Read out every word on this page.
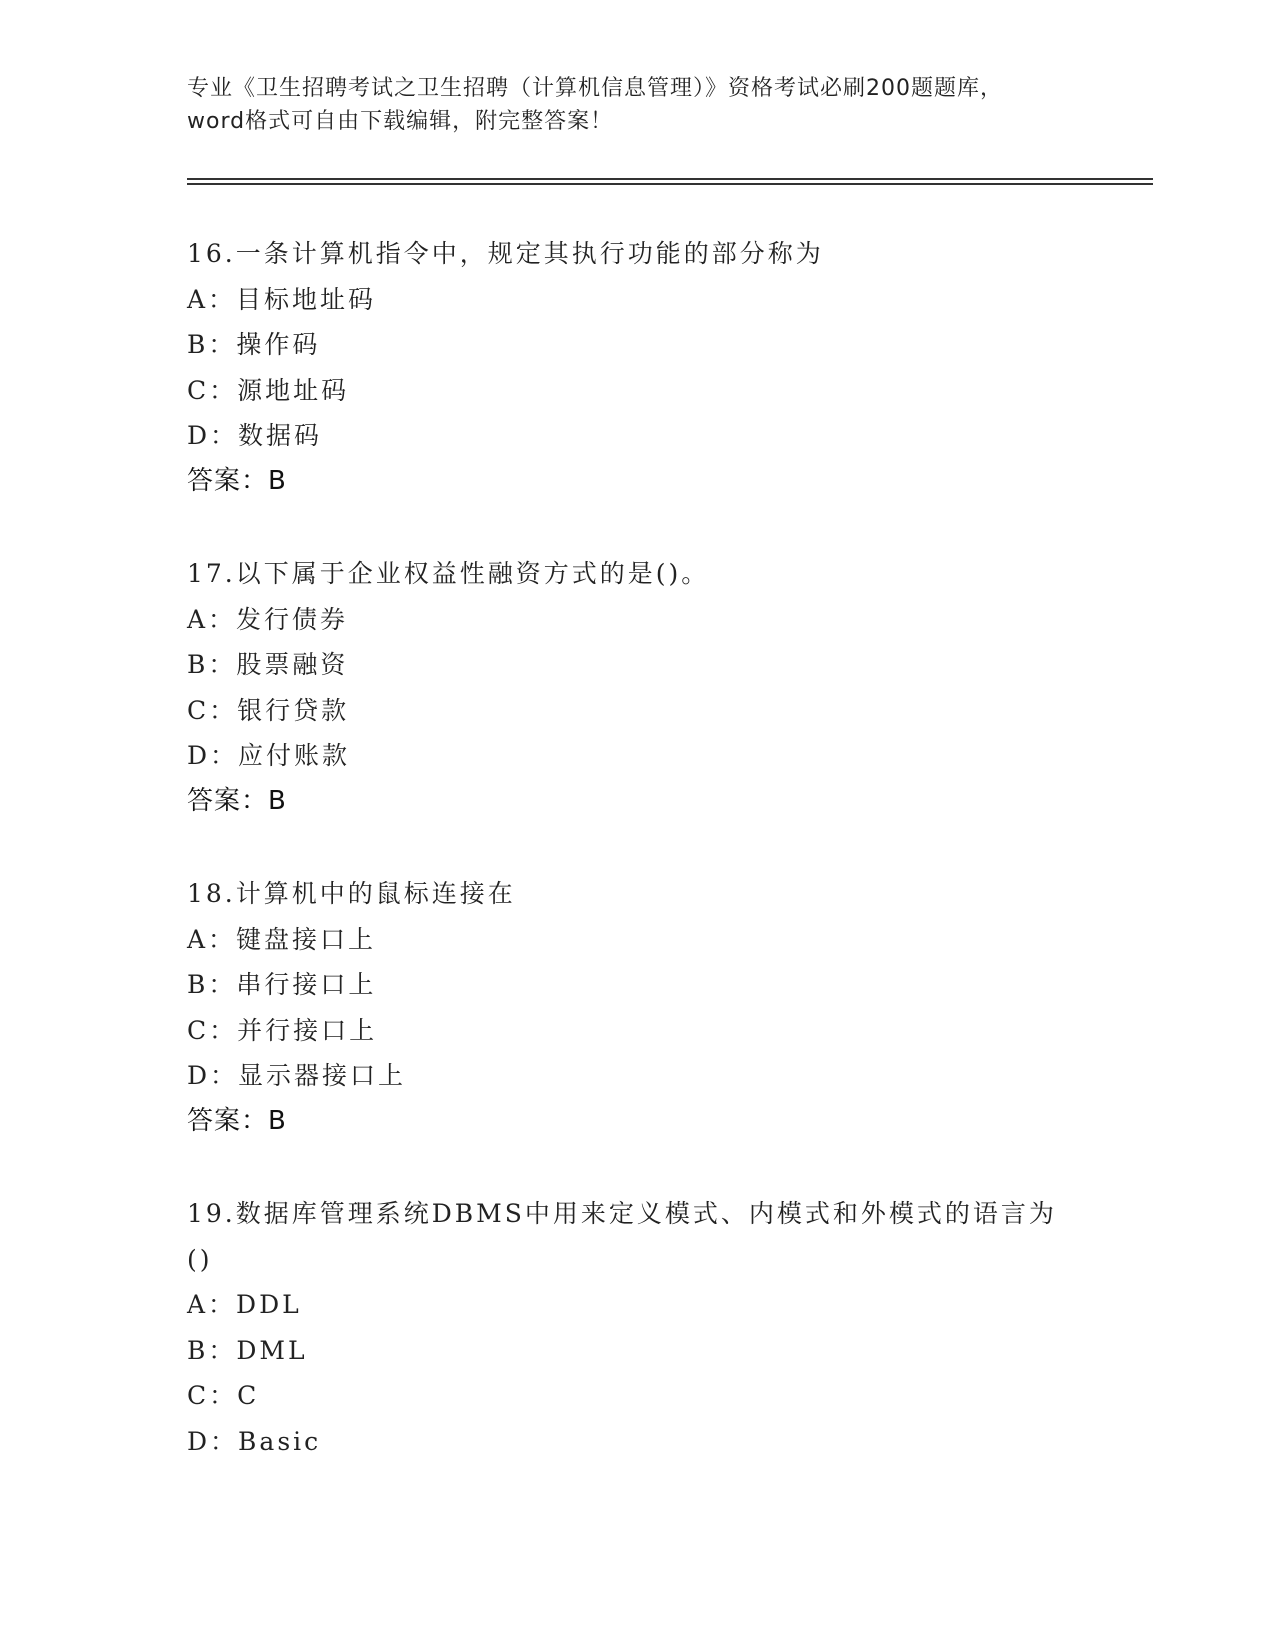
专业《卫生招聘考试之卫生招聘（计算机信息管理）》资格考试必刷200题题库，
word格式可自由下载编辑，附完整答案！
16.一条计算机指令中，规定其执行功能的部分称为
A：目标地址码
B：操作码
C：源地址码
D：数据码
答案：B
17.以下属于企业权益性融资方式的是()。
A：发行债券
B：股票融资
C：银行贷款
D：应付账款
答案：B
18.计算机中的鼠标连接在
A：键盘接口上
B：串行接口上
C：并行接口上
D：显示器接口上
答案：B
19.数据库管理系统DBMS中用来定义模式、内模式和外模式的语言为
()
A：DDL
B：DML
C：C
D：Basic
